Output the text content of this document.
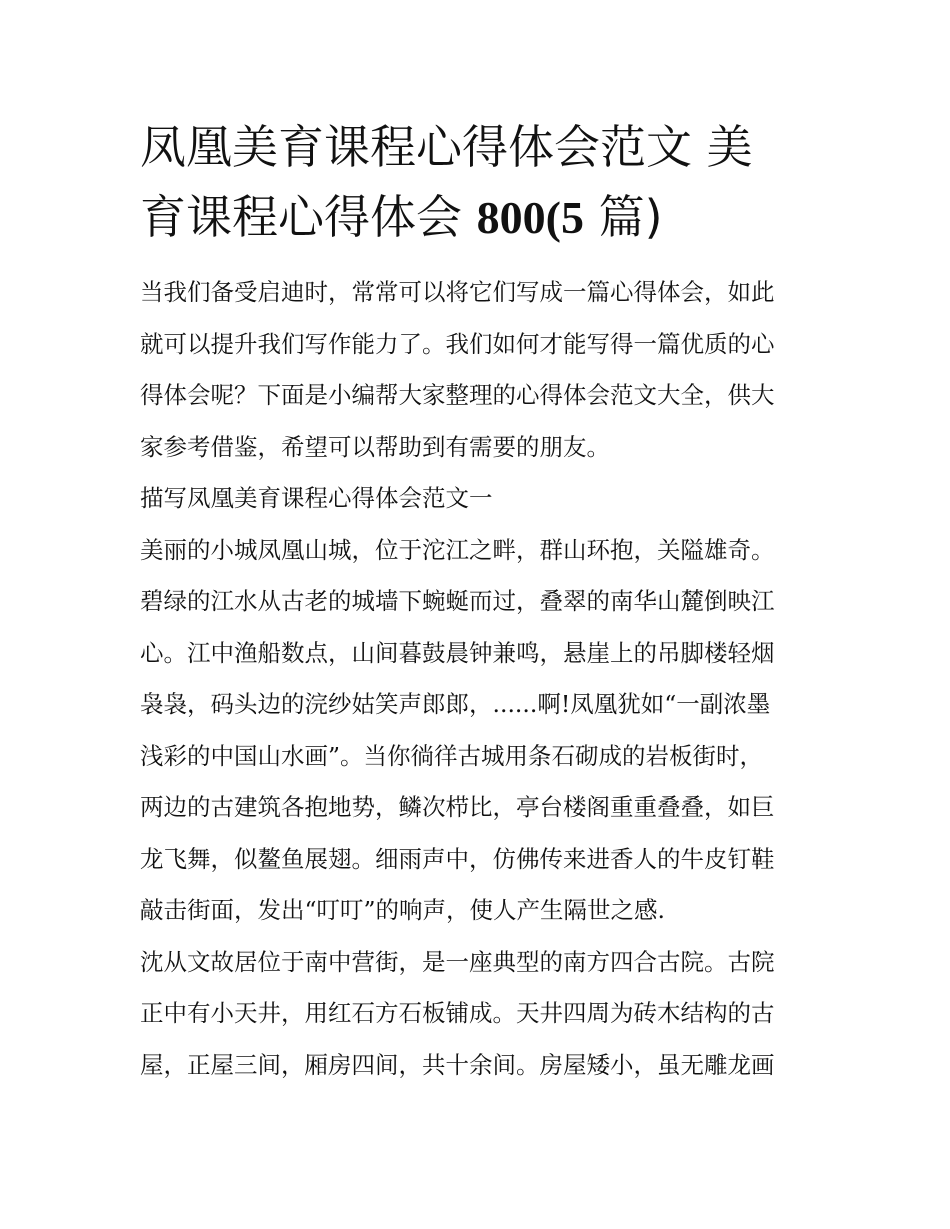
凤凰美育课程心得体会范文 美
育课程心得体会 800(5 篇)

当我们备受启迪时，常常可以将它们写成一篇心得体会，如此
就可以提升我们写作能力了。我们如何才能写得一篇优质的心
得体会呢？下面是小编帮大家整理的心得体会范文大全，供大
家参考借鉴，希望可以帮助到有需要的朋友。

描写凤凰美育课程心得体会范文一

美丽的小城凤凰山城，位于沱江之畔，群山环抱，关隘雄奇。
碧绿的江水从古老的城墙下蜿蜒而过，叠翠的南华山麓倒映江
心。江中渔船数点，山间暮鼓晨钟兼鸣，悬崖上的吊脚楼轻烟
袅袅，码头边的浣纱姑笑声郎郎，......啊!凤凰犹如“一副浓墨
浅彩的中国山水画”。当你徜徉古城用条石砌成的岩板街时，
两边的古建筑各抱地势，鳞次栉比，亭台楼阁重重叠叠，如巨
龙飞舞，似鳌鱼展翅。细雨声中，仿佛传来进香人的牛皮钉鞋
敲击街面，发出“叮叮”的响声，使人产生隔世之感.

沈从文故居位于南中营街，是一座典型的南方四合古院。古院
正中有小天井，用红石方石板铺成。天井四周为砖木结构的古
屋，正屋三间，厢房四间，共十余间。房屋矮小，虽无雕龙画
